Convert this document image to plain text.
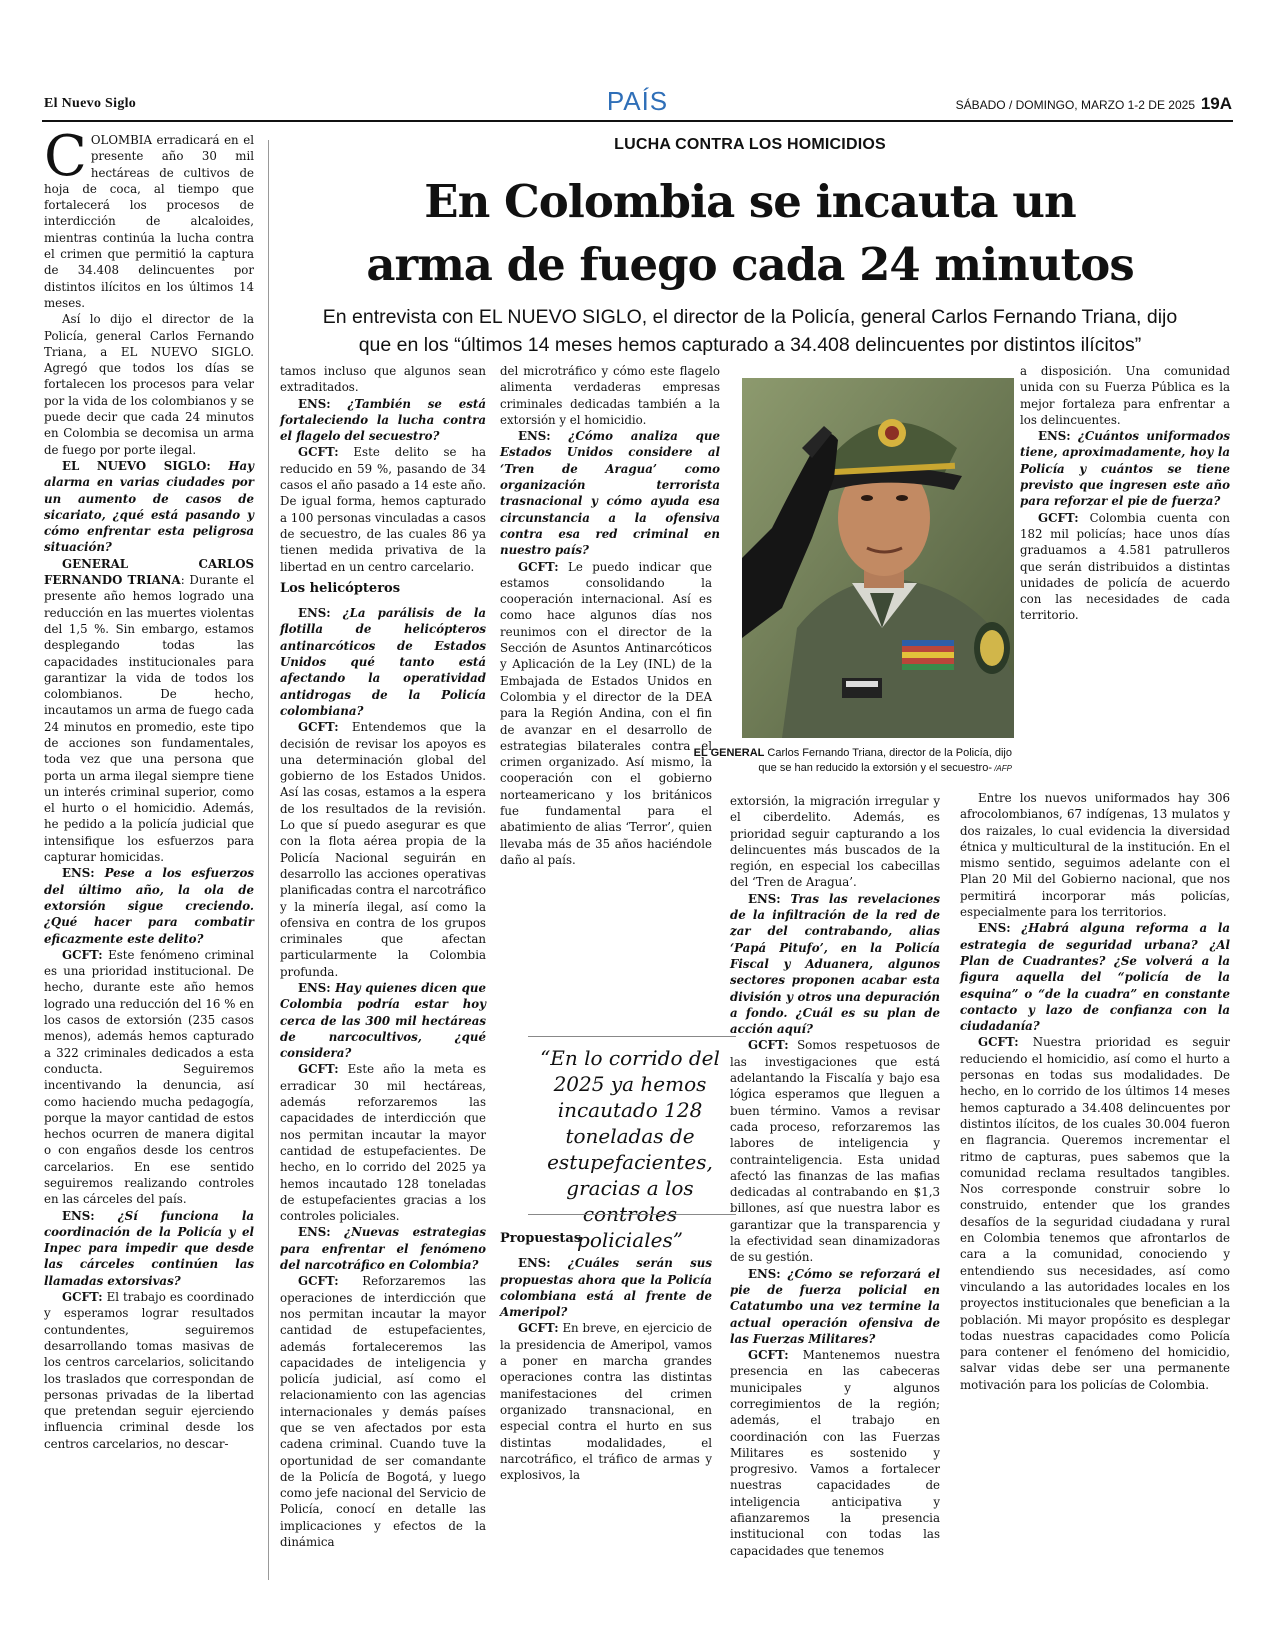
El Nuevo Siglo	PAÍS	SÁBADO / DOMINGO, MARZO 1-2 DE 2025 19A
LUCHA CONTRA LOS HOMICIDIOS
En Colombia se incauta un
arma de fuego cada 24 minutos
En entrevista con EL NUEVO SIGLO, el director de la Policía, general Carlos Fernando Triana, dijo
que en los “últimos 14 meses hemos capturado a 34.408 delincuentes por distintos ilícitos”

COLOMBIA erradicará en el presente año 30 mil hectáreas de cultivos de hoja de coca, al tiempo que fortalecerá los procesos de interdicción de alcaloides, mientras continúa la lucha contra el crimen que permitió la captura de 34.408 delincuentes por distintos ilícitos en los últimos 14 meses.

Así lo dijo el director de la Policía, general Carlos Fernando Triana, a EL NUEVO SIGLO. Agregó que todos los días se fortalecen los procesos para velar por la vida de los colombianos y se puede decir que cada 24 minutos en Colombia se decomisa un arma de fuego por porte ilegal.

EL NUEVO SIGLO: Hay alarma en varias ciudades por un aumento de casos de sicariato, ¿qué está pasando y cómo enfrentar esta peligrosa situación?

GENERAL CARLOS FERNANDO TRIANA: Durante el presente año hemos logrado una reducción en las muertes violentas del 1,5 %. Sin embargo, estamos desplegando todas las capacidades institucionales para garantizar la vida de todos los colombianos. De hecho, incautamos un arma de fuego cada 24 minutos en promedio, este tipo de acciones son fundamentales, toda vez que una persona que porta un arma ilegal siempre tiene un interés criminal superior, como el hurto o el homicidio. Además, he pedido a la policía judicial que intensifique los esfuerzos para capturar homicidas.

ENS: Pese a los esfuerzos del último año, la ola de extorsión sigue creciendo. ¿Qué hacer para combatir eficazmente este delito?

GCFT: Este fenómeno criminal es una prioridad institucional. De hecho, durante este año hemos logrado una reducción del 16 % en los casos de extorsión (235 casos menos), además hemos capturado a 322 criminales dedicados a esta conducta. Seguiremos incentivando la denuncia, así como haciendo mucha pedagogía, porque la mayor cantidad de estos hechos ocurren de manera digital o con engaños desde los centros carcelarios. En ese sentido seguiremos realizando controles en las cárceles del país.

ENS: ¿Sí funciona la coordinación de la Policía y el Inpec para impedir que desde las cárceles continúen las llamadas extorsivas?

GCFT: El trabajo es coordinado y esperamos lograr resultados contundentes, seguiremos desarrollando tomas masivas de los centros carcelarios, solicitando los traslados que correspondan de personas privadas de la libertad que pretendan seguir ejerciendo influencia criminal desde los centros carcelarios, no descar-

tamos incluso que algunos sean extraditados.

ENS: ¿También se está fortaleciendo la lucha contra el flagelo del secuestro?

GCFT: Este delito se ha reducido en 59 %, pasando de 34 casos el año pasado a 14 este año. De igual forma, hemos capturado a 100 personas vinculadas a casos de secuestro, de las cuales 86 ya tienen medida privativa de la libertad en un centro carcelario.

Los helicópteros

ENS: ¿La parálisis de la flotilla de helicópteros antinarcóticos de Estados Unidos qué tanto está afectando la operatividad antidrogas de la Policía colombiana?

GCFT: Entendemos que la decisión de revisar los apoyos es una determinación global del gobierno de los Estados Unidos. Así las cosas, estamos a la espera de los resultados de la revisión. Lo que sí puedo asegurar es que con la flota aérea propia de la Policía Nacional seguirán en desarrollo las acciones operativas planificadas contra el narcotráfico y la minería ilegal, así como la ofensiva en contra de los grupos criminales que afectan particularmente la Colombia profunda.

ENS: Hay quienes dicen que Colombia podría estar hoy cerca de las 300 mil hectáreas de narcocultivos, ¿qué considera?

GCFT: Este año la meta es erradicar 30 mil hectáreas, además reforzaremos las capacidades de interdicción que nos permitan incautar la mayor cantidad de estupefacientes. De hecho, en lo corrido del 2025 ya hemos incautado 128 toneladas de estupefacientes gracias a los controles policiales.

ENS: ¿Nuevas estrategias para enfrentar el fenómeno del narcotráfico en Colombia?

GCFT: Reforzaremos las operaciones de interdicción que nos permitan incautar la mayor cantidad de estupefacientes, además fortaleceremos las capacidades de inteligencia y policía judicial, así como el relacionamiento con las agencias internacionales y demás países que se ven afectados por esta cadena criminal. Cuando tuve la oportunidad de ser comandante de la Policía de Bogotá, y luego como jefe nacional del Servicio de Policía, conocí en detalle las implicaciones y efectos de la dinámica

del microtráfico y cómo este flagelo alimenta verdaderas empresas criminales dedicadas también a la extorsión y el homicidio.

ENS: ¿Cómo analiza que Estados Unidos considere al ‘Tren de Aragua’ como organización terrorista trasnacional y cómo ayuda esa circunstancia a la ofensiva contra esa red criminal en nuestro país?

GCFT: Le puedo indicar que estamos consolidando la cooperación internacional. Así es como hace algunos días nos reunimos con el director de la Sección de Asuntos Antinarcóticos y Aplicación de la Ley (INL) de la Embajada de Estados Unidos en Colombia y el director de la DEA para la Región Andina, con el fin de avanzar en el desarrollo de estrategias bilaterales contra el crimen organizado. Así mismo, la cooperación con el gobierno norteamericano y los británicos fue fundamental para el abatimiento de alias ‘Terror’, quien llevaba más de 35 años haciéndole daño al país.

“En lo corrido del 2025 ya hemos incautado 128 toneladas de estupefacientes, gracias a los controles policiales”
Propuestas

ENS: ¿Cuáles serán sus propuestas ahora que la Policía colombiana está al frente de Ameripol?

GCFT: En breve, en ejercicio de la presidencia de Ameripol, vamos a poner en marcha grandes operaciones contra las distintas manifestaciones del crimen organizado transnacional, en especial contra el hurto en sus distintas modalidades, el narcotráfico, el tráfico de armas y explosivos, la

EL GENERAL Carlos Fernando Triana, director de la Policía, dijo que se han reducido la extorsión y el secuestro- /AFP

extorsión, la migración irregular y el ciberdelito. Además, es prioridad seguir capturando a los delincuentes más buscados de la región, en especial los cabecillas del ‘Tren de Aragua’.

ENS: Tras las revelaciones de la infiltración de la red de zar del contrabando, alias ‘Papá Pitufo’, en la Policía Fiscal y Aduanera, algunos sectores proponen acabar esta división y otros una depuración a fondo. ¿Cuál es su plan de acción aquí?

GCFT: Somos respetuosos de las investigaciones que está adelantando la Fiscalía y bajo esa lógica esperamos que lleguen a buen término. Vamos a revisar cada proceso, reforzaremos las labores de inteligencia y contrainteligencia. Esta unidad afectó las finanzas de las mafias dedicadas al contrabando en $1,3 billones, así que nuestra labor es garantizar que la transparencia y la efectividad sean dinamizadoras de su gestión.

ENS: ¿Cómo se reforzará el pie de fuerza policial en Catatumbo una vez termine la actual operación ofensiva de las Fuerzas Militares?

GCFT: Mantenemos nuestra presencia en las cabeceras municipales y algunos corregimientos de la región; además, el trabajo en coordinación con las Fuerzas Militares es sostenido y progresivo. Vamos a fortalecer nuestras capacidades de inteligencia anticipativa y afianzaremos la presencia institucional con todas las capacidades que tenemos

a disposición. Una comunidad unida con su Fuerza Pública es la mejor fortaleza para enfrentar a los delincuentes.

ENS: ¿Cuántos uniformados tiene, aproximadamente, hoy la Policía y cuántos se tiene previsto que ingresen este año para reforzar el pie de fuerza?

GCFT: Colombia cuenta con 182 mil policías; hace unos días graduamos a 4.581 patrulleros que serán distribuidos a distintas unidades de policía de acuerdo con las necesidades de cada territorio.

Entre los nuevos uniformados hay 306 afrocolombianos, 67 indígenas, 13 mulatos y dos raizales, lo cual evidencia la diversidad étnica y multicultural de la institución. En el mismo sentido, seguimos adelante con el Plan 20 Mil del Gobierno nacional, que nos permitirá incorporar más policías, especialmente para los territorios.

ENS: ¿Habrá alguna reforma a la estrategia de seguridad urbana? ¿Al Plan de Cuadrantes? ¿Se volverá a la figura aquella del “policía de la esquina” o “de la cuadra” en constante contacto y lazo de confianza con la ciudadanía?

GCFT: Nuestra prioridad es seguir reduciendo el homicidio, así como el hurto a personas en todas sus modalidades. De hecho, en lo corrido de los últimos 14 meses hemos capturado a 34.408 delincuentes por distintos ilícitos, de los cuales 30.004 fueron en flagrancia. Queremos incrementar el ritmo de capturas, pues sabemos que la comunidad reclama resultados tangibles. Nos corresponde construir sobre lo construido, entender que los grandes desafíos de la seguridad ciudadana y rural en Colombia tenemos que afrontarlos de cara a la comunidad, conociendo y entendiendo sus necesidades, así como vinculando a las autoridades locales en los proyectos institucionales que benefician a la población. Mi mayor propósito es desplegar todas nuestras capacidades como Policía para contener el fenómeno del homicidio, salvar vidas debe ser una permanente motivación para los policías de Colombia.
